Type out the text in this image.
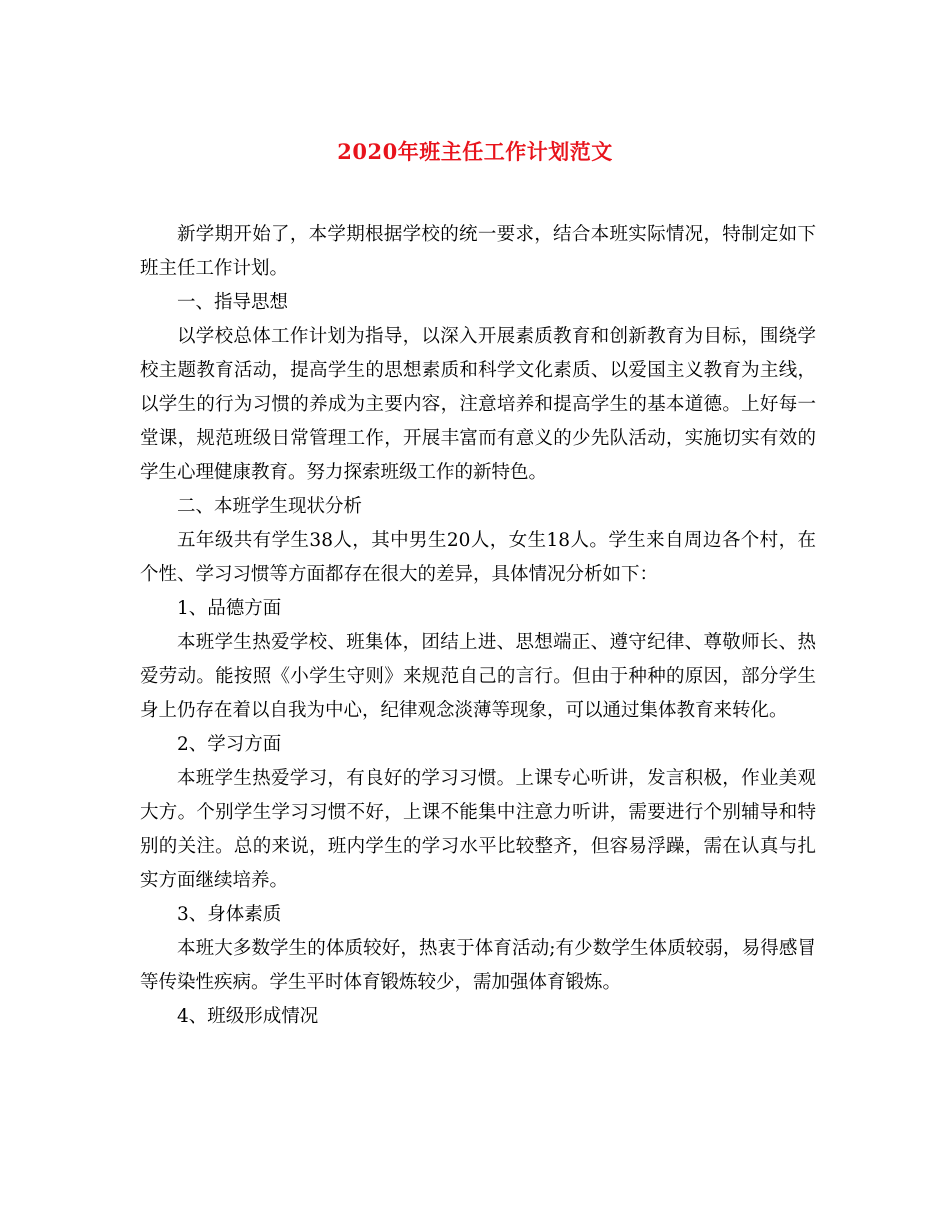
2020年班主任工作计划范文

新学期开始了，本学期根据学校的统一要求，结合本班实际情况，特制定如下班主任工作计划。

一、指导思想

以学校总体工作计划为指导，以深入开展素质教育和创新教育为目标，围绕学校主题教育活动，提高学生的思想素质和科学文化素质、以爱国主义教育为主线，以学生的行为习惯的养成为主要内容，注意培养和提高学生的基本道德。上好每一堂课，规范班级日常管理工作，开展丰富而有意义的少先队活动，实施切实有效的学生心理健康教育。努力探索班级工作的新特色。

二、本班学生现状分析

五年级共有学生38人，其中男生20人，女生18人。学生来自周边各个村，在个性、学习习惯等方面都存在很大的差异，具体情况分析如下：

1、品德方面

本班学生热爱学校、班集体，团结上进、思想端正、遵守纪律、尊敬师长、热爱劳动。能按照《小学生守则》来规范自己的言行。但由于种种的原因，部分学生身上仍存在着以自我为中心，纪律观念淡薄等现象，可以通过集体教育来转化。

2、学习方面

本班学生热爱学习，有良好的学习习惯。上课专心听讲，发言积极，作业美观大方。个别学生学习习惯不好，上课不能集中注意力听讲，需要进行个别辅导和特别的关注。总的来说，班内学生的学习水平比较整齐，但容易浮躁，需在认真与扎实方面继续培养。

3、身体素质

本班大多数学生的体质较好，热衷于体育活动;有少数学生体质较弱，易得感冒等传染性疾病。学生平时体育锻炼较少，需加强体育锻炼。

4、班级形成情况
